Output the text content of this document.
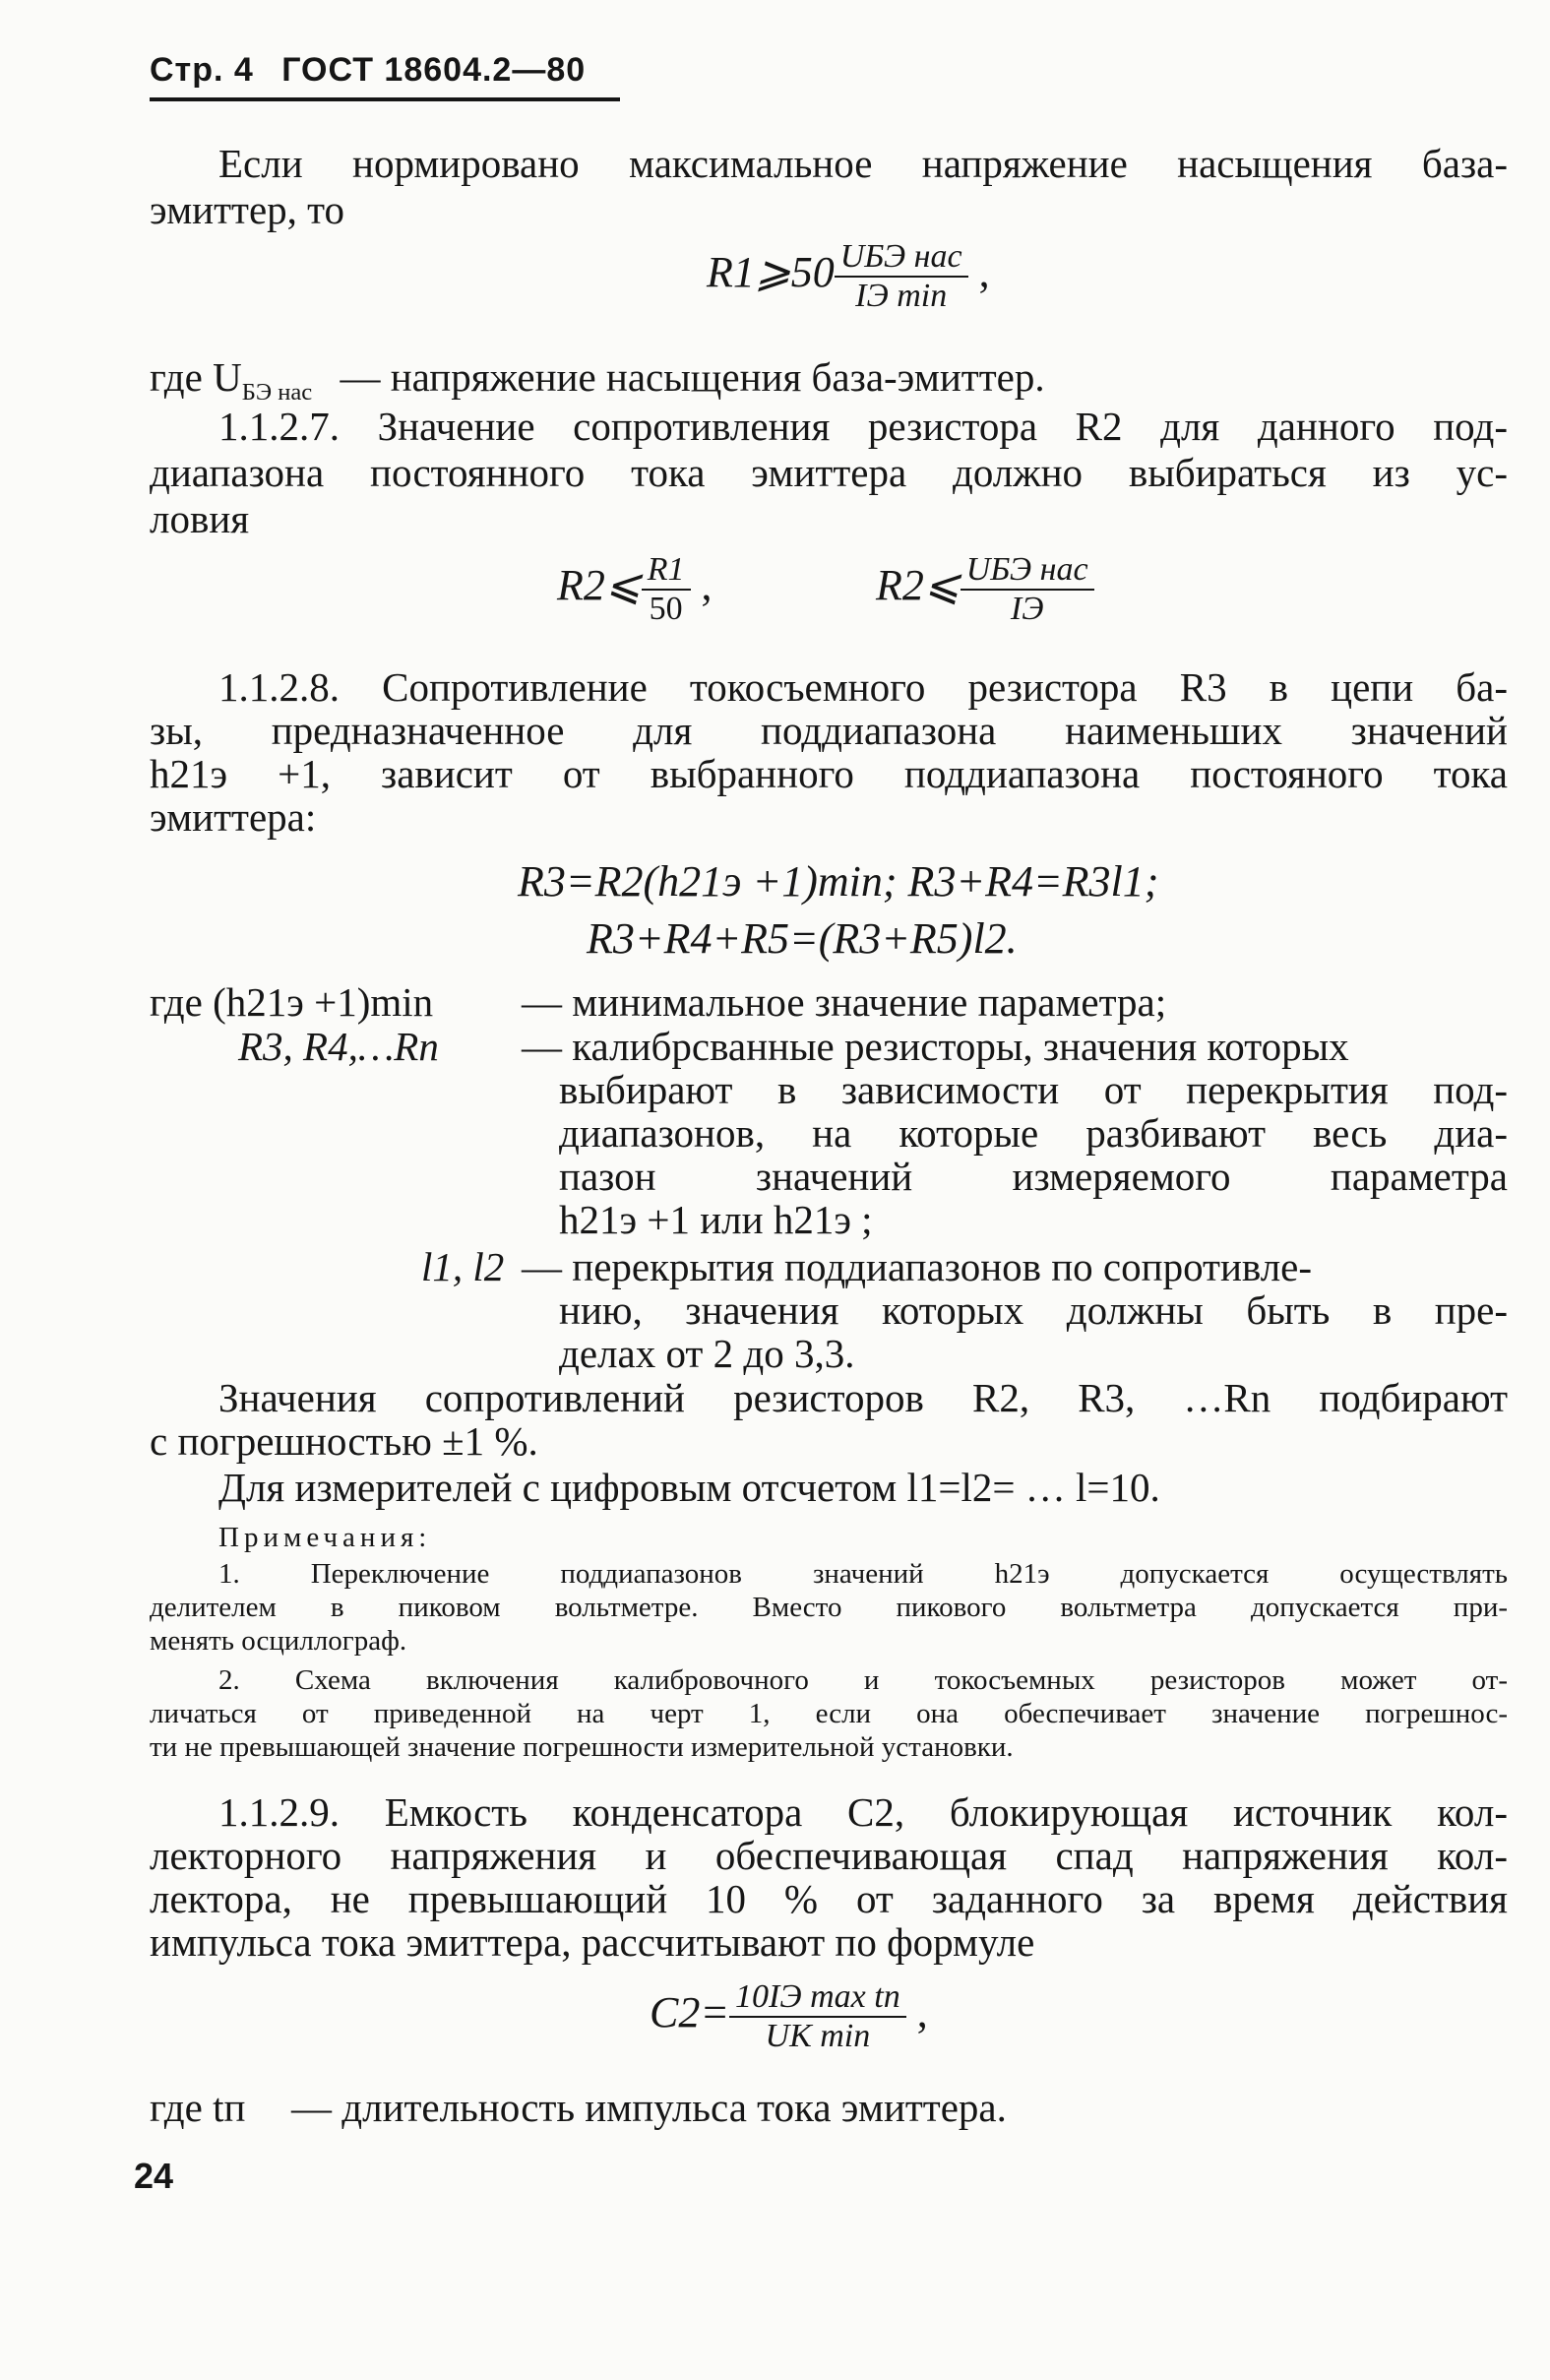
Стр. 4 ГОСТ 18604.2—80
Если нормировано максимальное напряжение насыщения база-
эмиттер, то
R1⩾50 $\frac{\text{UБЭ нас}}{\text{IЭ min}}$ ,
где $U_{БЭ нас}$ — напряжение насыщения база-эмиттер.
1.1.2.7. Значение сопротивления резистора R2 для данного под-
диапазона постоянного тока эмиттера должно выбираться из ус-
ловия
R2⩽ $\frac{R1}{50}$ ,	R2⩽ $\frac{\text{UБЭ нас}}{IЭ}$
1.1.2.8. Сопротивление токосъемного резистора R3 в цепи ба-
зы, предназначенное для поддиапазона наименьших значений
h21э +1, зависит от выбранного поддиапазона постояного тока
эмиттера:
R3=R2(h21э +1)min; R3+R4=R3l1;
R3+R4+R5=(R3+R5)l2.
где (h21э +1)min — минимальное значение параметра;
R3, R4,…Rn — калибрсванные резисторы, значения которых
выбирают в зависимости от перекрытия под-
диапазонов, на которые разбивают весь диа-
пазон значений измеряемого параметра
h21э +1 или h21э ;
l1, l2 — перекрытия поддиапазонов по сопротивле-
нию, значения которых должны быть в пре-
делах от 2 до 3,3.
Значения сопротивлений резисторов R2, R3, …Rn подбирают
с погрешностью ±1 %.
Для измерителей с цифровым отсчетом l1=l2= … l=10.
Примечания:
1. Переключение поддиапазонов значений h21э допускается осуществлять
делителем в пиковом вольтметре. Вместо пикового вольтметра допускается при-
менять осциллограф.
2. Схема включения калибровочного и токосъемных резисторов может от-
личаться от приведенной на черт 1, если она обеспечивает значение погрешнос-
ти не превышающей значение погрешности измерительной установки.
1.1.2.9. Емкость конденсатора C2, блокирующая источник кол-
лекторного напряжения и обеспечивающая спад напряжения кол-
лектора, не превышающий 10 % от заданного за время действия
импульса тока эмиттера, рассчитывают по формуле
$C2= \frac{\text{10IЭ max tп}}{\text{UK min}}$ ,
где tп — длительность импульса тока эмиттера.
24
